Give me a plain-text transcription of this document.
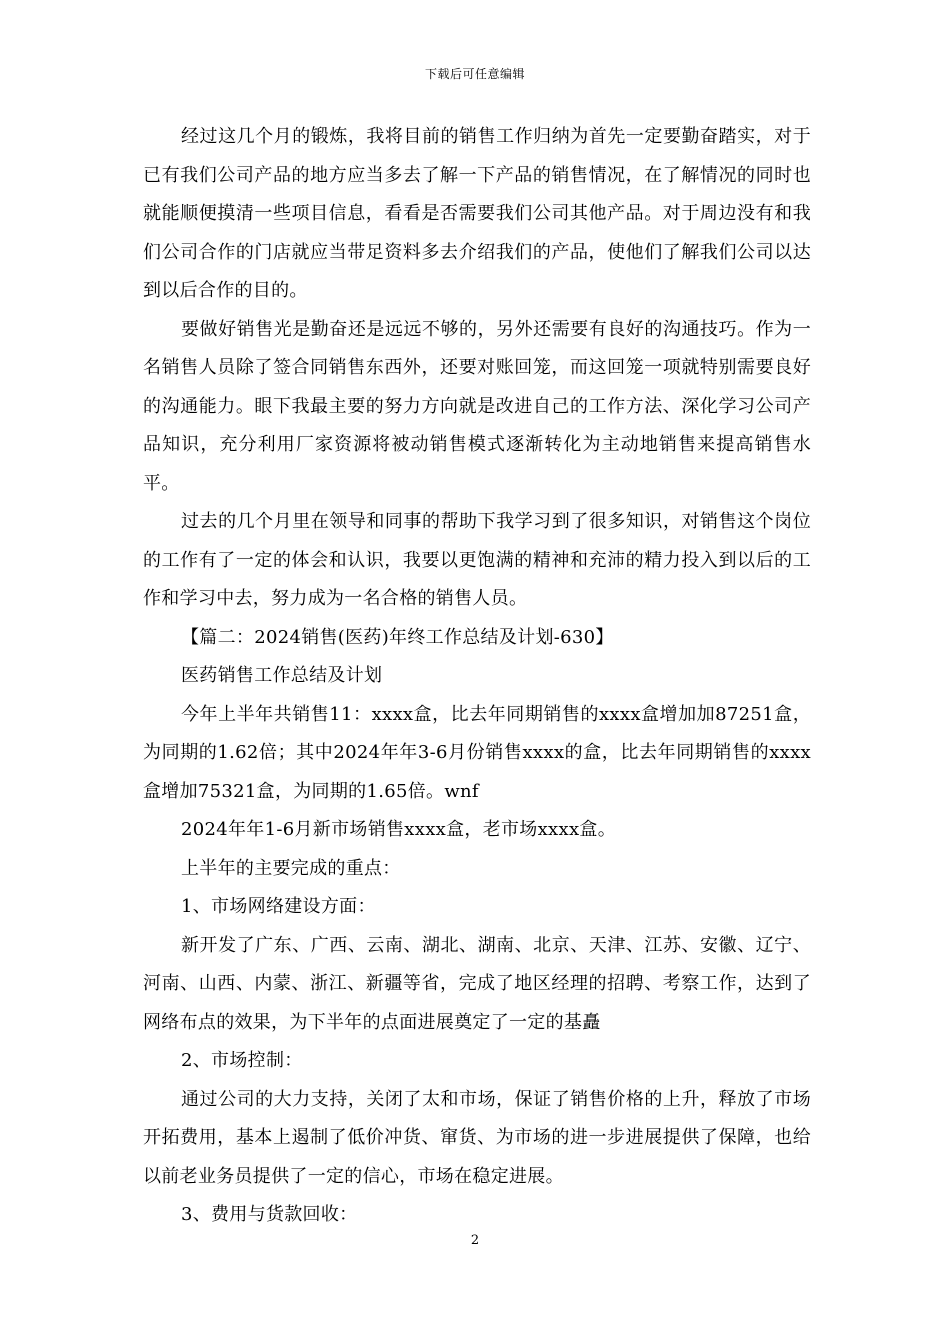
下载后可任意编辑

经过这几个月的锻炼，我将目前的销售工作归纳为首先一定要勤奋踏实，对于已有我们公司产品的地方应当多去了解一下产品的销售情况，在了解情况的同时也就能顺便摸清一些项目信息，看看是否需要我们公司其他产品。对于周边没有和我们公司合作的门店就应当带足资料多去介绍我们的产品，使他们了解我们公司以达到以后合作的目的。

要做好销售光是勤奋还是远远不够的，另外还需要有良好的沟通技巧。作为一名销售人员除了签合同销售东西外，还要对账回笼，而这回笼一项就特别需要良好的沟通能力。眼下我最主要的努力方向就是改进自己的工作方法、深化学习公司产品知识，充分利用厂家资源将被动销售模式逐渐转化为主动地销售来提高销售水平。

过去的几个月里在领导和同事的帮助下我学习到了很多知识，对销售这个岗位的工作有了一定的体会和认识，我要以更饱满的精神和充沛的精力投入到以后的工作和学习中去，努力成为一名合格的销售人员。

【篇二：2024销售(医药)年终工作总结及计划-630】

医药销售工作总结及计划

今年上半年共销售11：xxxx盒，比去年同期销售的xxxx盒增加加87251盒，为同期的1.62倍；其中2024年年3-6月份销售xxxx的盒，比去年同期销售的xxxx盒增加75321盒，为同期的1.65倍。wnf

2024年年1-6月新市场销售xxxx盒，老市场xxxx盒。

上半年的主要完成的重点：

1、市场网络建设方面：

新开发了广东、广西、云南、湖北、湖南、北京、天津、江苏、安徽、辽宁、河南、山西、内蒙、浙江、新疆等省，完成了地区经理的招聘、考察工作，达到了网络布点的效果，为下半年的点面进展奠定了一定的基矗

2、市场控制：

通过公司的大力支持，关闭了太和市场，保证了销售价格的上升，释放了市场开拓费用，基本上遏制了低价冲货、窜货、为市场的进一步进展提供了保障，也给以前老业务员提供了一定的信心，市场在稳定进展。

3、费用与货款回收：

2
